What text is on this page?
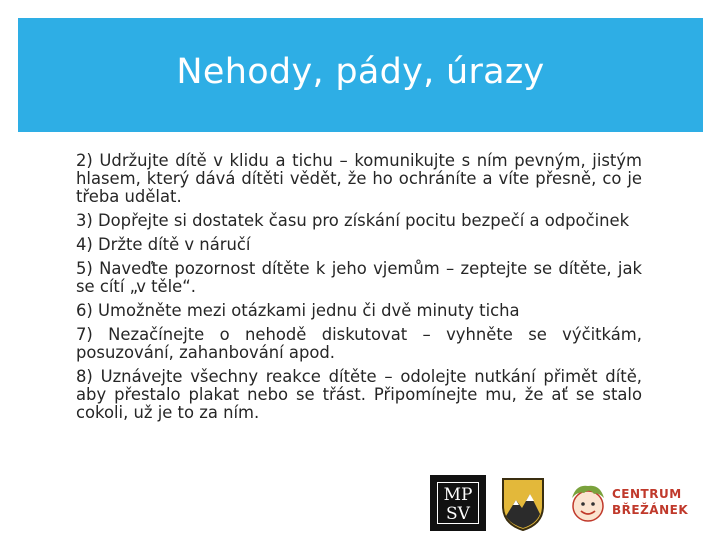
Nehody, pády, úrazy

2) Udržujte dítě v klidu a tichu – komunikujte s ním pevným, jistým hlasem, který dává dítěti vědět, že ho ochráníte a víte přesně, co je třeba udělat.

3) Dopřejte si dostatek času pro získání pocitu bezpečí a odpočinek

4) Držte dítě v náručí

5) Naveďte pozornost dítěte k jeho vjemům – zeptejte se dítěte, jak se cítí „v těle“.

6) Umožněte mezi otázkami jednu či dvě minuty ticha

7) Nezačínejte o nehodě diskutovat – vyhněte se výčitkám, posuzování, zahanbování apod.

8) Uznávejte všechny reakce dítěte – odolejte nutkání přimět dítě, aby přestalo plakat nebo se třást. Připomínejte mu, že ať se stalo cokoli, už je to za ním.

MP
SV
CENTRUM
BŘEŽÁNEK
